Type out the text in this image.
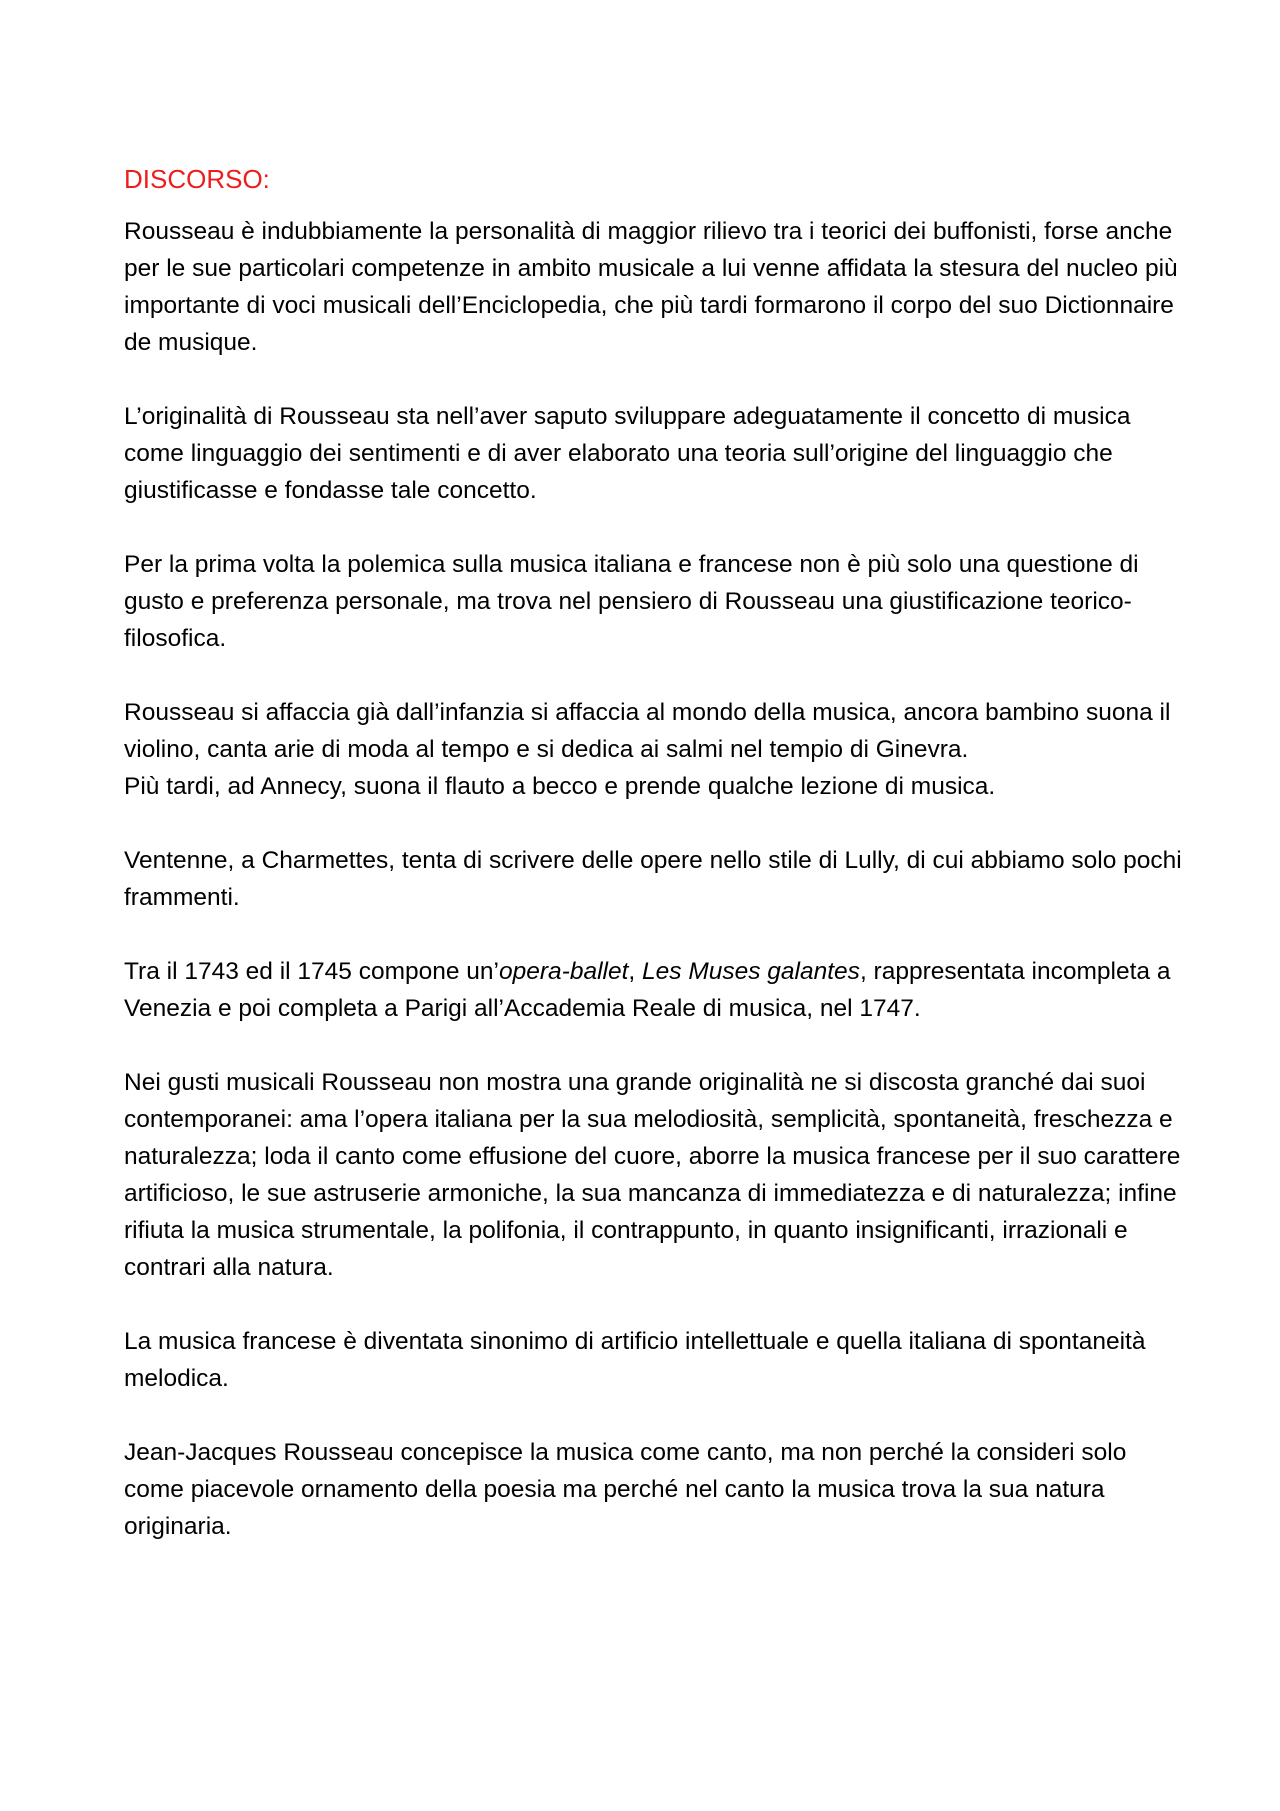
DISCORSO:

Rousseau è indubbiamente la personalità di maggior rilievo tra i teorici dei buffonisti, forse anche per le sue particolari competenze in ambito musicale a lui venne affidata la stesura del nucleo più importante di voci musicali dell’Enciclopedia, che più tardi formarono il corpo del suo Dictionnaire de musique.

L’originalità di Rousseau sta nell’aver saputo sviluppare adeguatamente il concetto di musica come linguaggio dei sentimenti e di aver elaborato una teoria sull’origine del linguaggio che giustificasse e fondasse tale concetto.

Per la prima volta la polemica sulla musica italiana e francese non è più solo una questione di gusto e preferenza personale, ma trova nel pensiero di Rousseau una giustificazione teorico-filosofica.

Rousseau si affaccia già dall’infanzia si affaccia al mondo della musica, ancora bambino suona il violino, canta arie di moda al tempo e si dedica ai salmi nel tempio di Ginevra.

Più tardi, ad Annecy, suona il flauto a becco e prende qualche lezione di musica.

Ventenne, a Charmettes, tenta di scrivere delle opere nello stile di Lully, di cui abbiamo solo pochi frammenti.

Tra il 1743 ed il 1745 compone un’opera-ballet, Les Muses galantes, rappresentata incompleta a Venezia e poi completa a Parigi all’Accademia Reale di musica, nel 1747.

Nei gusti musicali Rousseau non mostra una grande originalità ne si discosta granché dai suoi contemporanei: ama l’opera italiana per la sua melodiosità, semplicità, spontaneità, freschezza e naturalezza; loda il canto come effusione del cuore, aborre la musica francese per il suo carattere artificioso, le sue astruserie armoniche, la sua mancanza di immediatezza e di naturalezza; infine rifiuta la musica strumentale, la polifonia, il contrappunto, in quanto insignificanti, irrazionali e contrari alla natura.

La musica francese è diventata sinonimo di artificio intellettuale e quella italiana di spontaneità melodica.

Jean-Jacques Rousseau concepisce la musica come canto, ma non perché la consideri solo come piacevole ornamento della poesia ma perché nel canto la musica trova la sua natura originaria.
